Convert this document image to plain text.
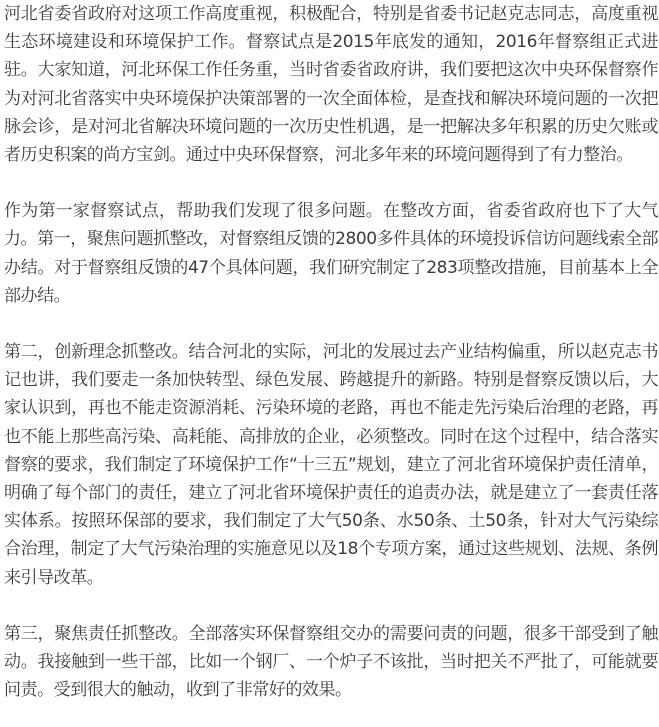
河北省委省政府对这项工作高度重视，积极配合，特别是省委书记赵克志同志，高度重视生态环境建设和环境保护工作。督察试点是2015年底发的通知，2016年督察组正式进驻。大家知道，河北环保工作任务重，当时省委省政府讲，我们要把这次中央环保督察作为对河北省落实中央环境保护决策部署的一次全面体检，是查找和解决环境问题的一次把脉会诊，是对河北省解决环境问题的一次历史性机遇，是一把解决多年积累的历史欠账或者历史积案的尚方宝剑。通过中央环保督察，河北多年来的环境问题得到了有力整治。

作为第一家督察试点，帮助我们发现了很多问题。在整改方面，省委省政府也下了大气力。第一，聚焦问题抓整改，对督察组反馈的2800多件具体的环境投诉信访问题线索全部办结。对于督察组反馈的47个具体问题，我们研究制定了283项整改措施，目前基本上全部办结。

第二，创新理念抓整改。结合河北的实际，河北的发展过去产业结构偏重，所以赵克志书记也讲，我们要走一条加快转型、绿色发展、跨越提升的新路。特别是督察反馈以后，大家认识到，再也不能走资源消耗、污染环境的老路，再也不能走先污染后治理的老路，再也不能上那些高污染、高耗能、高排放的企业，必须整改。同时在这个过程中，结合落实督察的要求，我们制定了环境保护工作“十三五”规划，建立了河北省环境保护责任清单，明确了每个部门的责任，建立了河北省环境保护责任的追责办法，就是建立了一套责任落实体系。按照环保部的要求，我们制定了大气50条、水50条、土50条，针对大气污染综合治理，制定了大气污染治理的实施意见以及18个专项方案，通过这些规划、法规、条例来引导改革。

第三，聚焦责任抓整改。全部落实环保督察组交办的需要问责的问题，很多干部受到了触动。我接触到一些干部，比如一个钢厂、一个炉子不该批，当时把关不严批了，可能就要问责。受到很大的触动，收到了非常好的效果。
